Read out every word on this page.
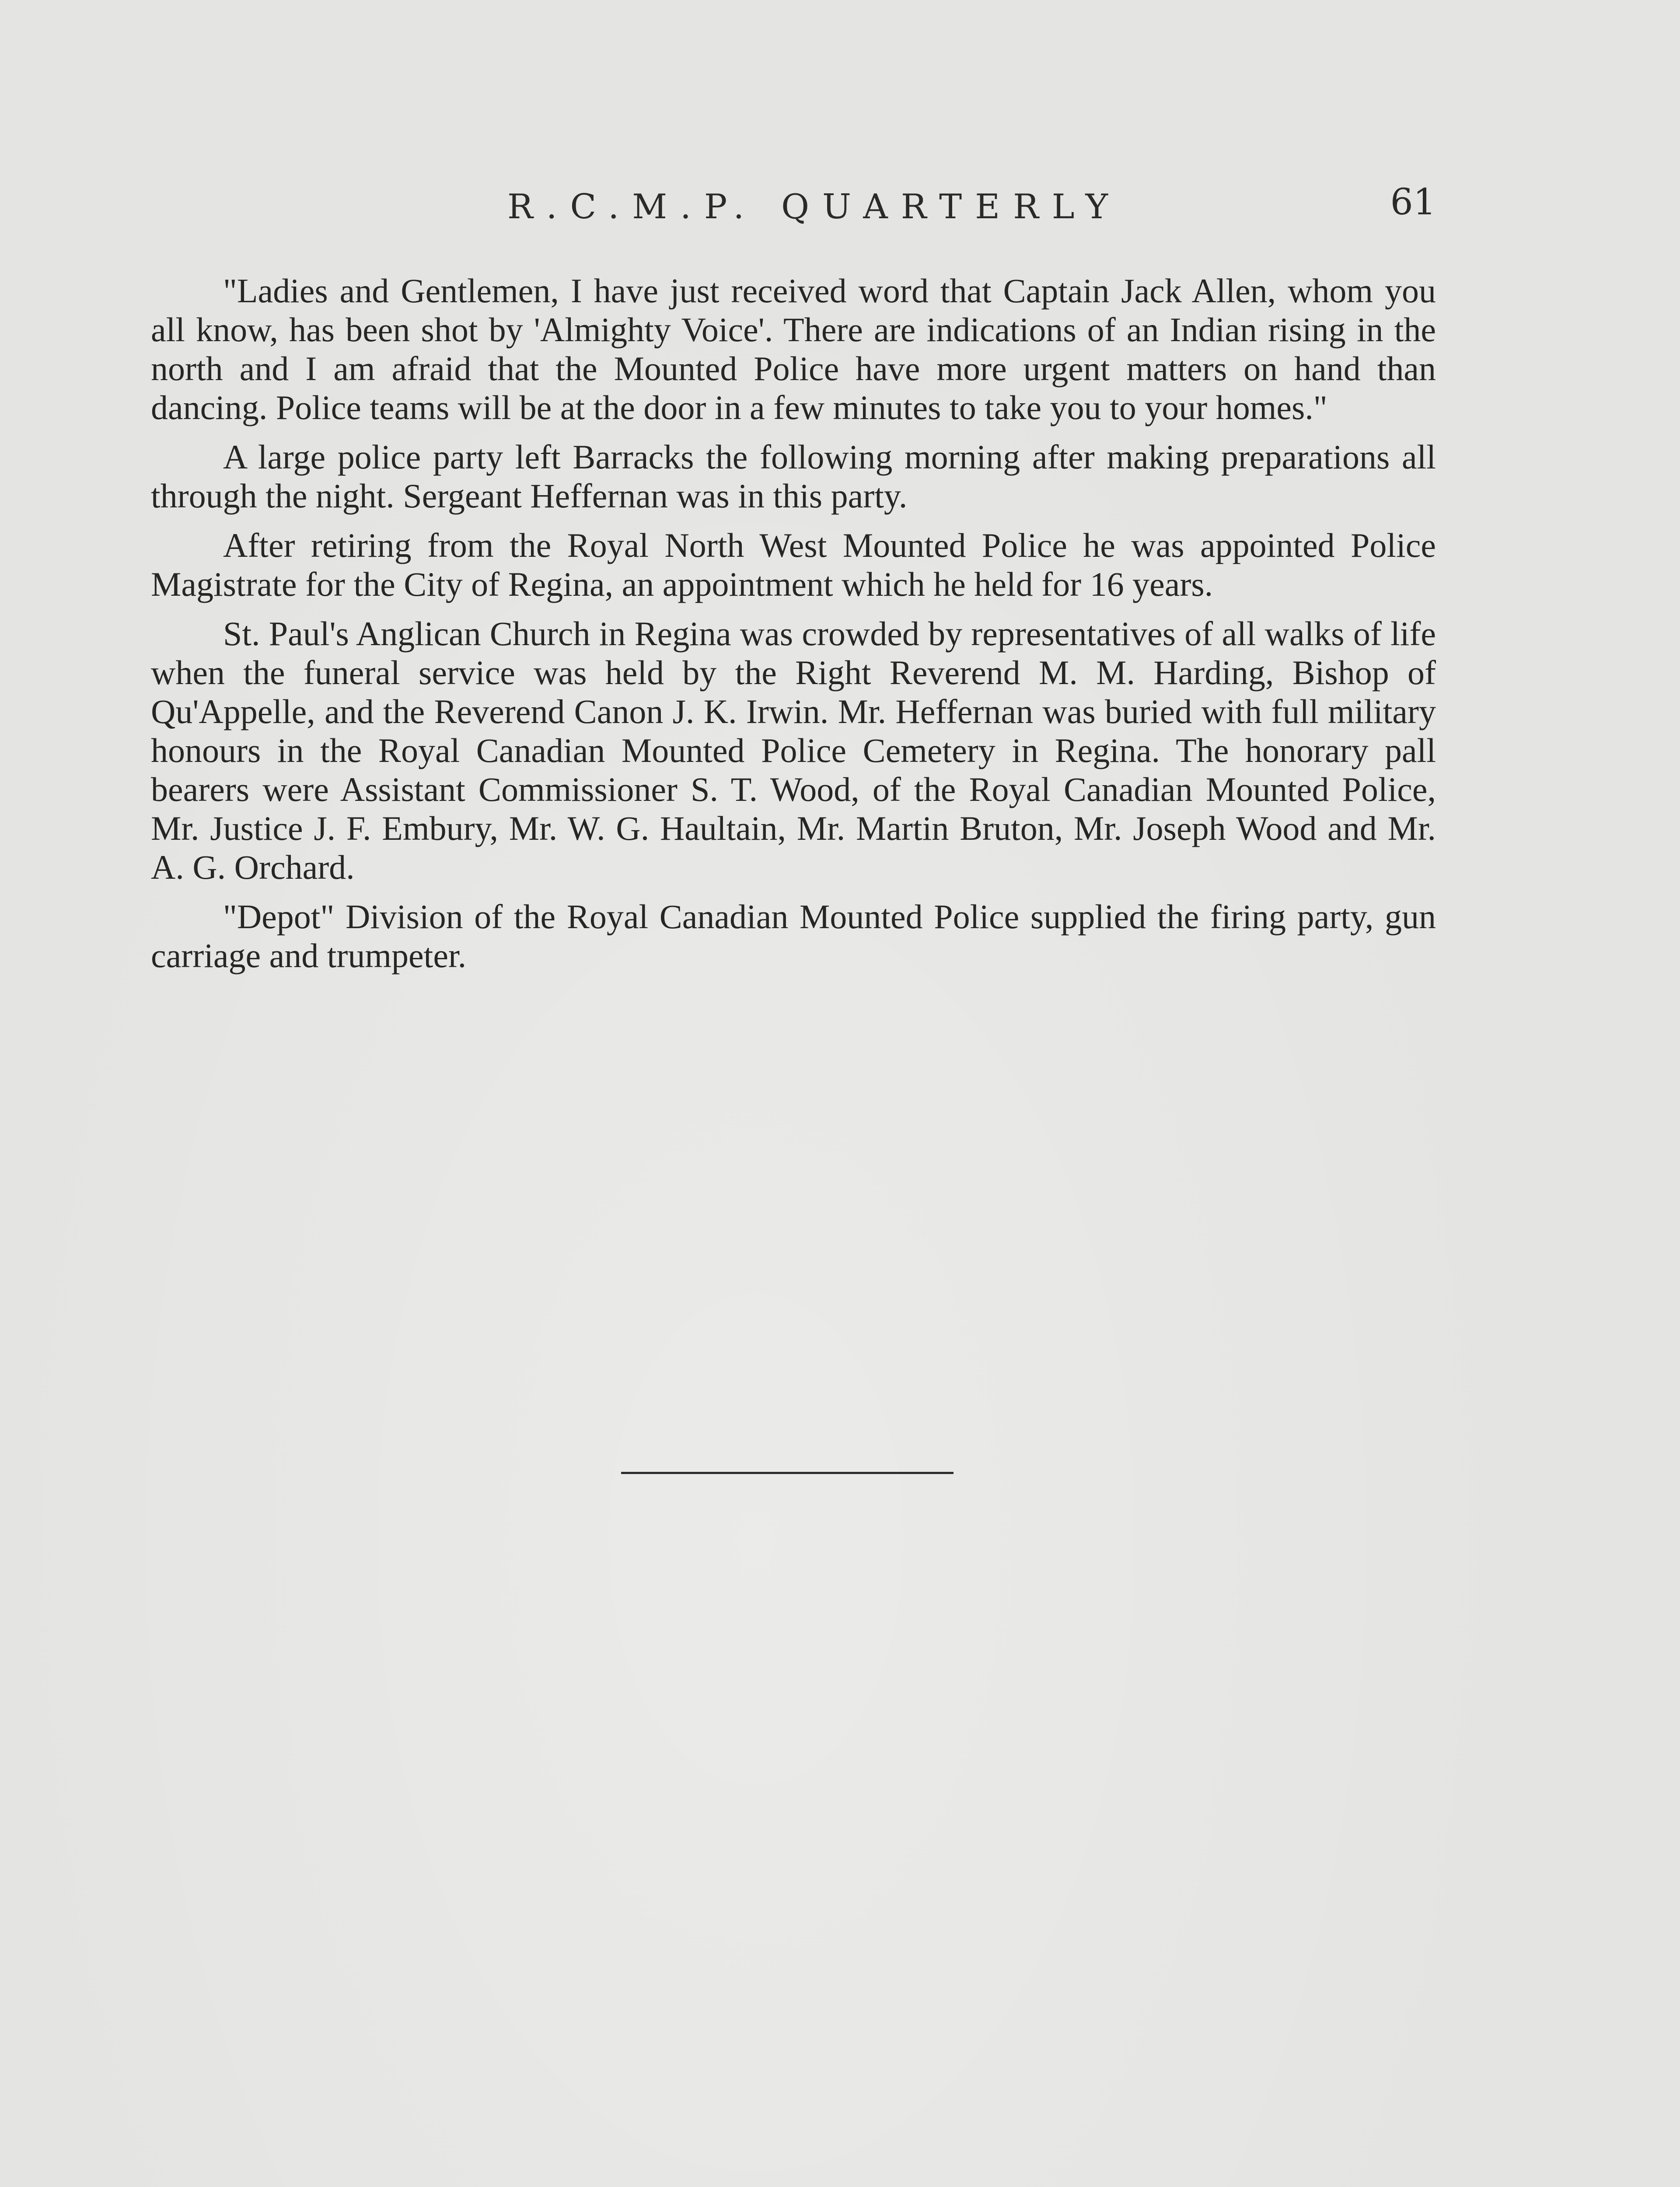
R.C.M.P. QUARTERLY	61

"Ladies and Gentlemen, I have just received word that Captain Jack Allen, whom you all know, has been shot by 'Almighty Voice'. There are indications of an Indian rising in the north and I am afraid that the Mounted Police have more urgent matters on hand than dancing. Police teams will be at the door in a few minutes to take you to your homes."

A large police party left Barracks the following morning after making preparations all through the night. Sergeant Heffernan was in this party.

After retiring from the Royal North West Mounted Police he was appointed Police Magistrate for the City of Regina, an appointment which he held for 16 years.

St. Paul's Anglican Church in Regina was crowded by representatives of all walks of life when the funeral service was held by the Right Reverend M. M. Harding, Bishop of Qu'Appelle, and the Reverend Canon J. K. Irwin. Mr. Heffernan was buried with full military honours in the Royal Canadian Mounted Police Cemetery in Regina. The honorary pall bearers were Assistant Commissioner S. T. Wood, of the Royal Canadian Mounted Police, Mr. Justice J. F. Embury, Mr. W. G. Haultain, Mr. Martin Bruton, Mr. Joseph Wood and Mr. A. G. Orchard.

"Depot" Division of the Royal Canadian Mounted Police supplied the firing party, gun carriage and trumpeter.
